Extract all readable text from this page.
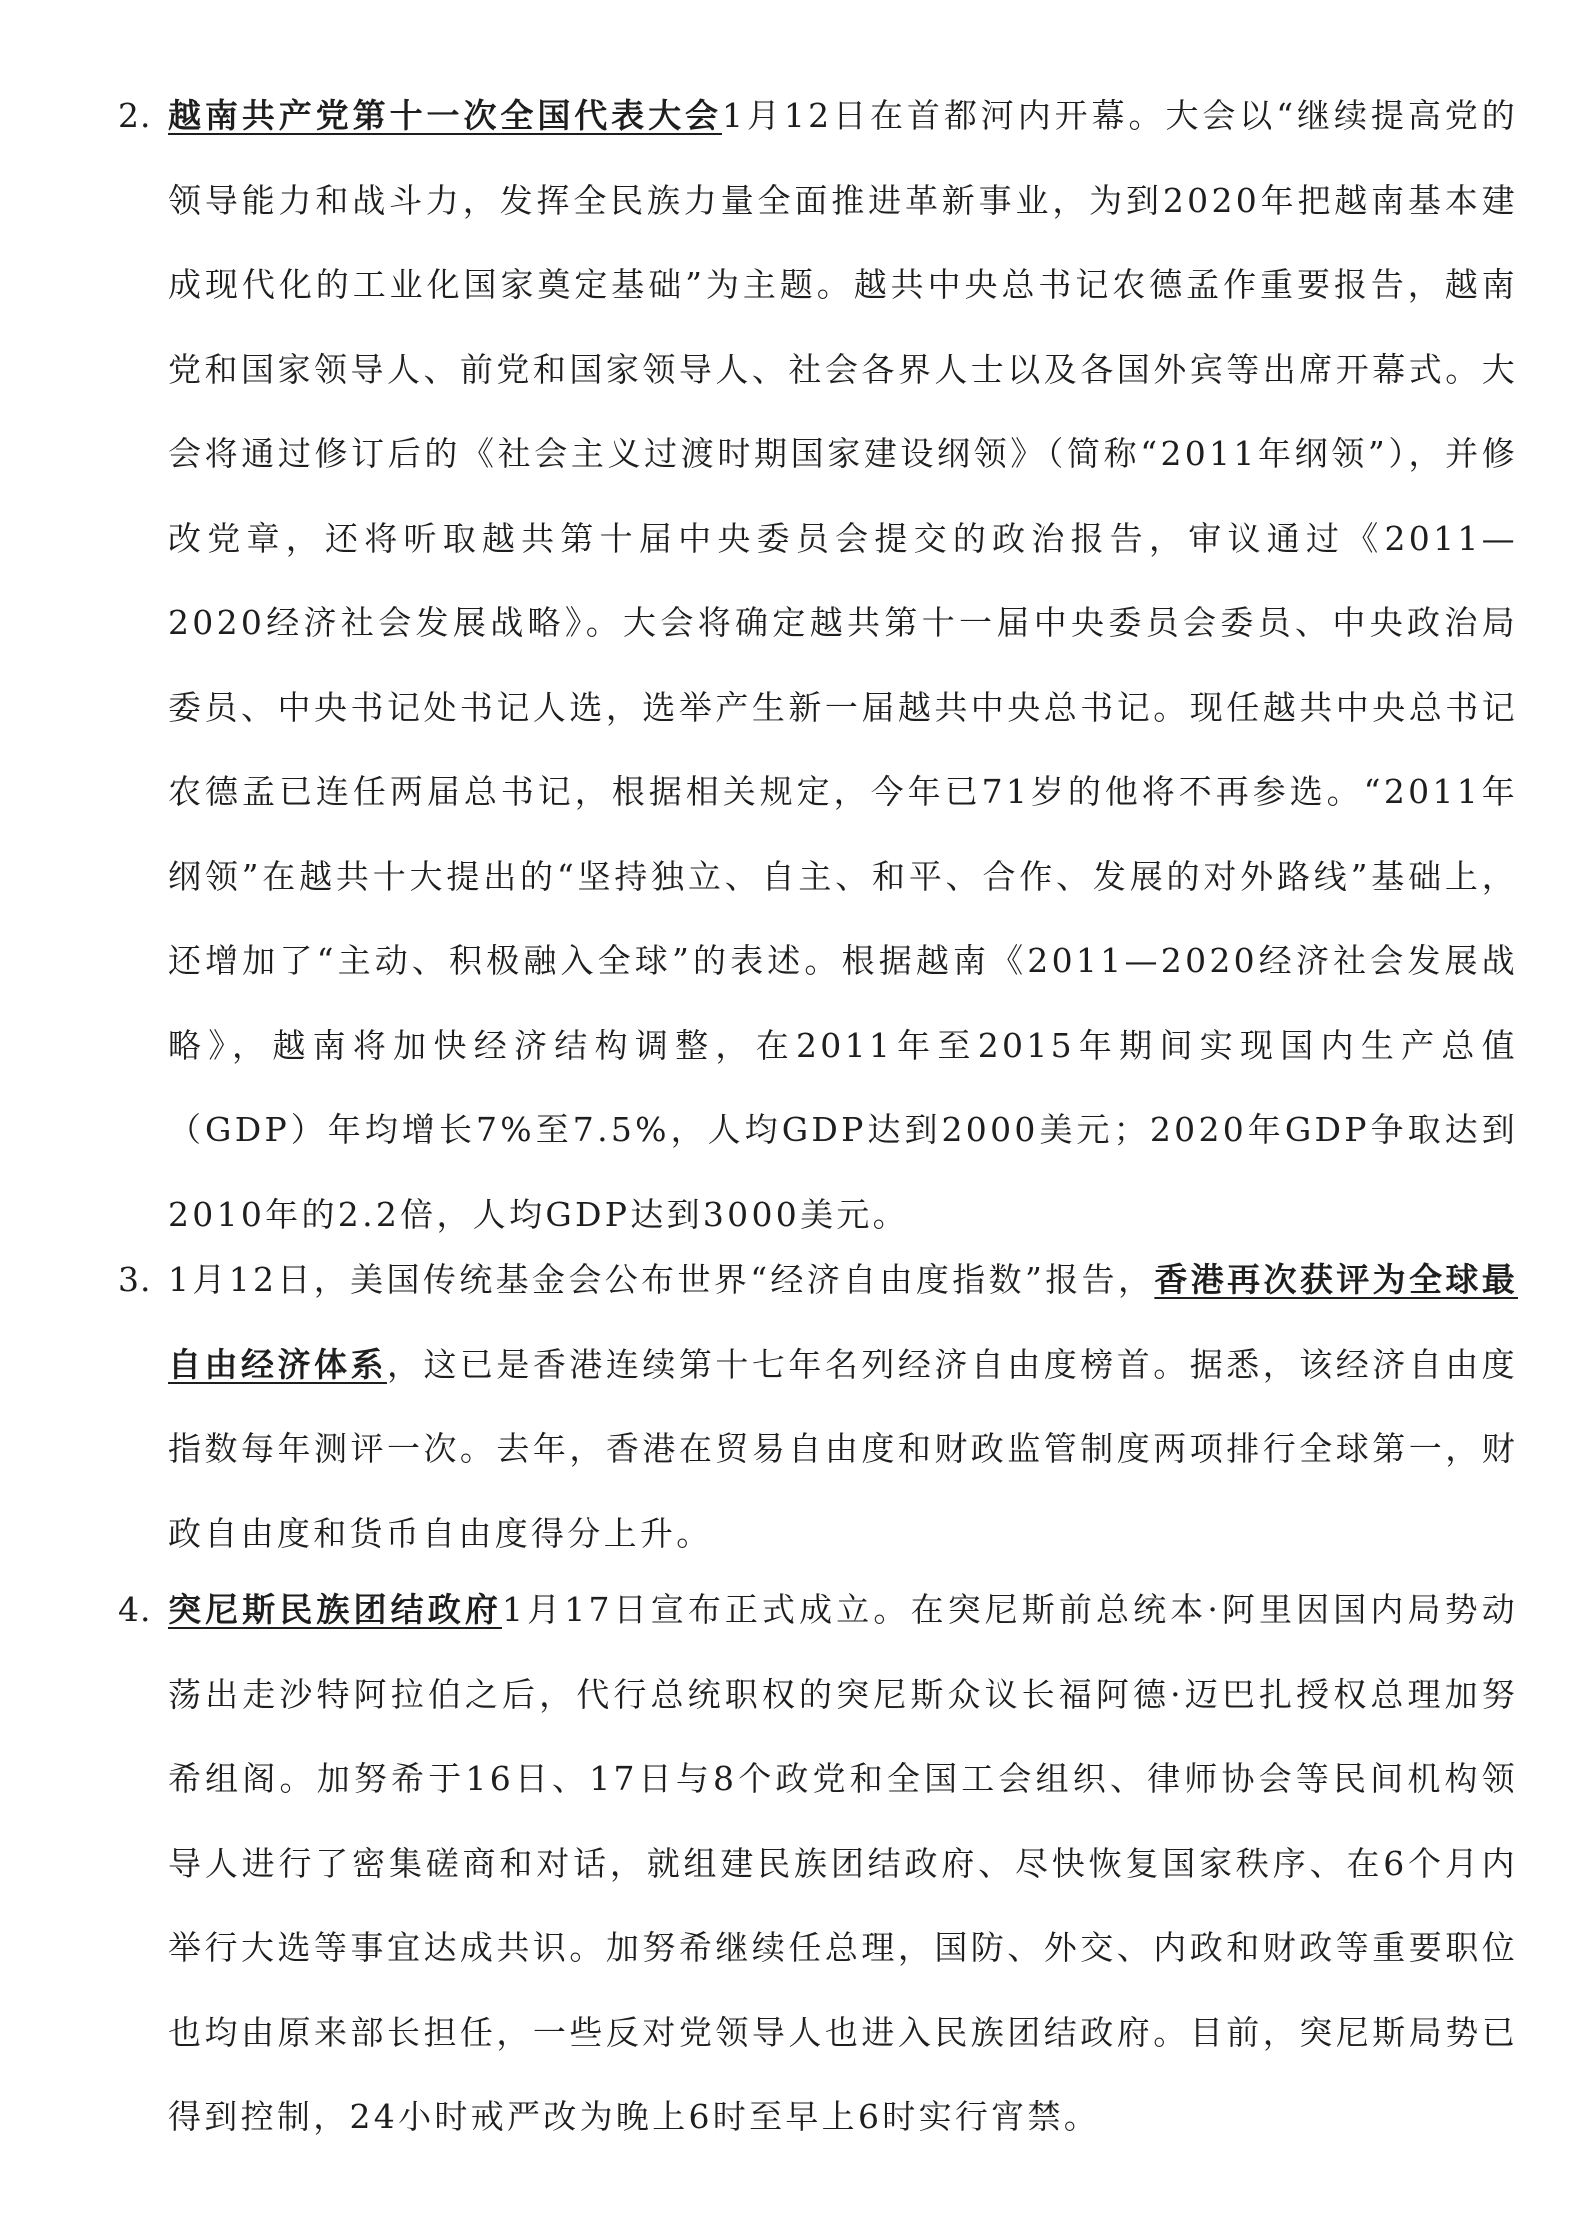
2. 越南共产党第十一次全国代表大会1月12日在首都河内开幕。大会以“继续提高党的领导能力和战斗力，发挥全民族力量全面推进革新事业，为到2020年把越南基本建成现代化的工业化国家奠定基础”为主题。越共中央总书记农德孟作重要报告，越南党和国家领导人、前党和国家领导人、社会各界人士以及各国外宾等出席开幕式。大会将通过修订后的《社会主义过渡时期国家建设纲领》（简称“2011年纲领”），并修改党章，还将听取越共第十届中央委员会提交的政治报告，审议通过《2011—2020经济社会发展战略》。大会将确定越共第十一届中央委员会委员、中央政治局委员、中央书记处书记人选，选举产生新一届越共中央总书记。现任越共中央总书记农德孟已连任两届总书记，根据相关规定，今年已71岁的他将不再参选。“2011年纲领”在越共十大提出的“坚持独立、自主、和平、合作、发展的对外路线”基础上，还增加了“主动、积极融入全球”的表述。根据越南《2011—2020经济社会发展战略》，越南将加快经济结构调整，在2011年至2015年期间实现国内生产总值（GDP）年均增长7%至7.5%，人均GDP达到2000美元；2020年GDP争取达到2010年的2.2倍，人均GDP达到3000美元。
3. 1月12日，美国传统基金会公布世界“经济自由度指数”报告，香港再次获评为全球最自由经济体系，这已是香港连续第十七年名列经济自由度榜首。据悉，该经济自由度指数每年测评一次。去年，香港在贸易自由度和财政监管制度两项排行全球第一，财政自由度和货币自由度得分上升。
4. 突尼斯民族团结政府1月17日宣布正式成立。在突尼斯前总统本·阿里因国内局势动荡出走沙特阿拉伯之后，代行总统职权的突尼斯众议长福阿德·迈巴扎授权总理加努希组阁。加努希于16日、17日与8个政党和全国工会组织、律师协会等民间机构领导人进行了密集磋商和对话，就组建民族团结政府、尽快恢复国家秩序、在6个月内举行大选等事宜达成共识。加努希继续任总理，国防、外交、内政和财政等重要职位也均由原来部长担任，一些反对党领导人也进入民族团结政府。目前，突尼斯局势已得到控制，24小时戒严改为晚上6时至早上6时实行宵禁。
